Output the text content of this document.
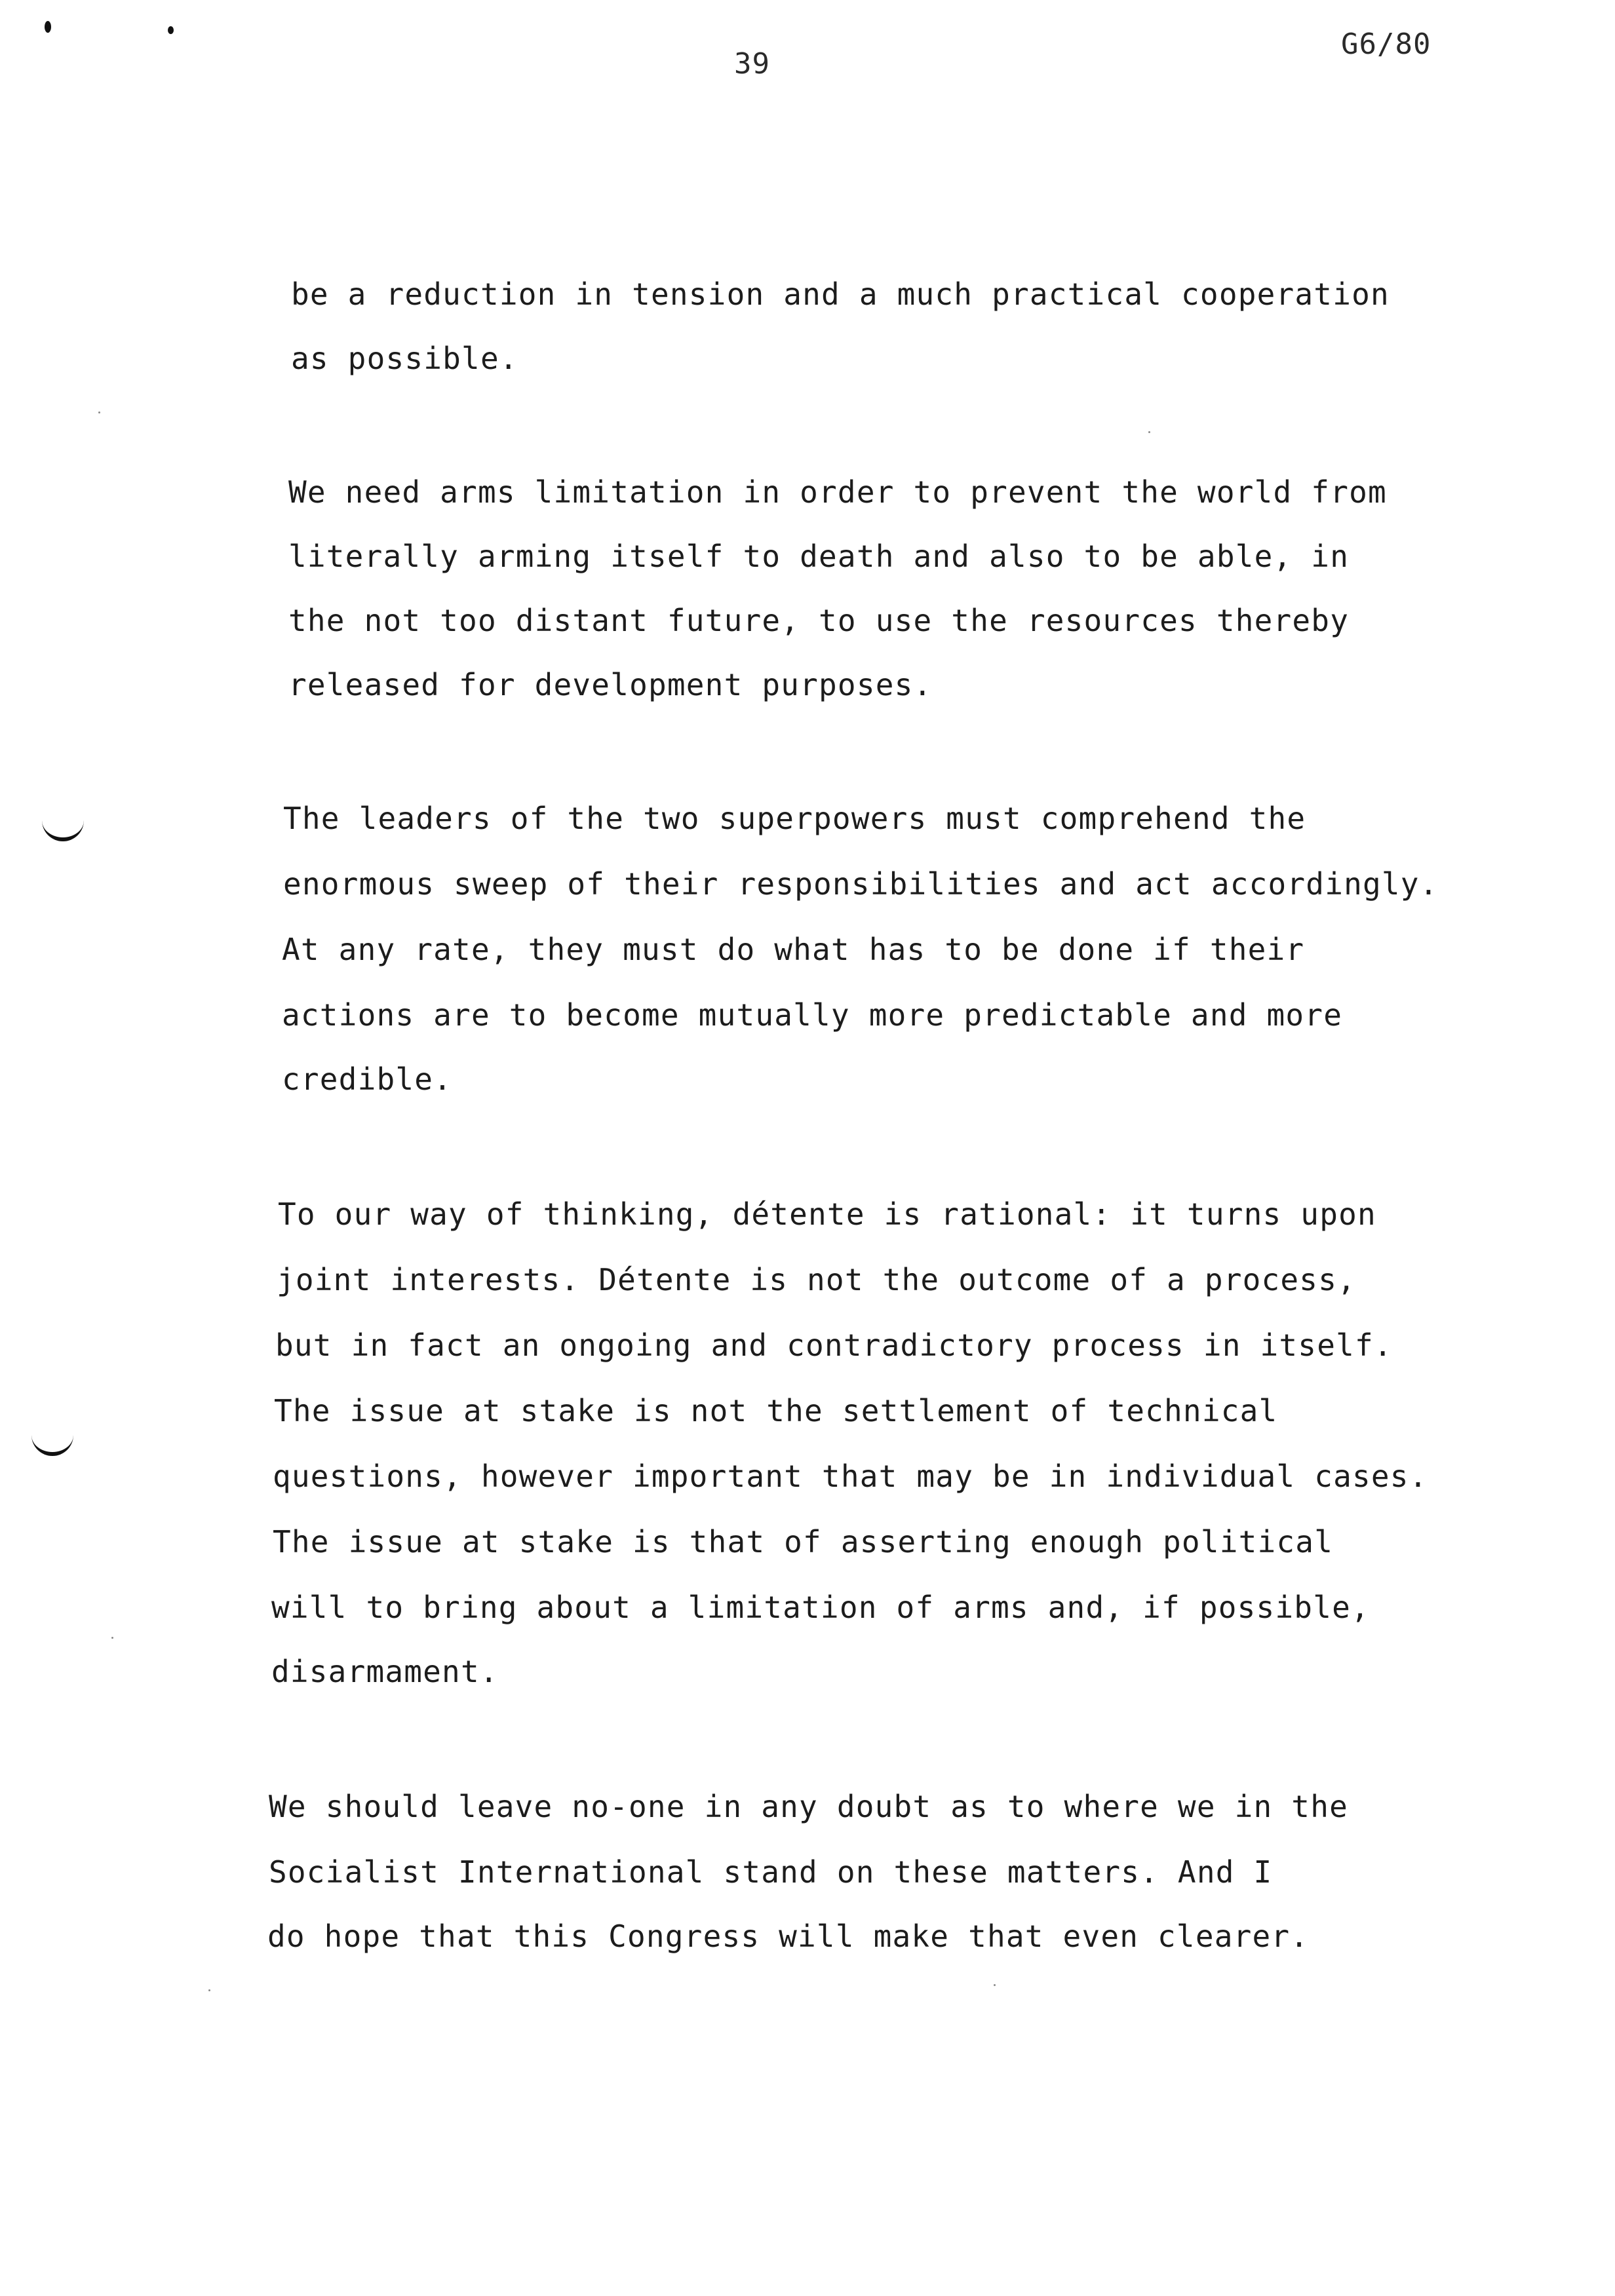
39
G6/80
be a reduction in tension and a much practical cooperation
as possible.
We need arms limitation in order to prevent the world from
literally arming itself to death and also to be able, in
the not too distant future, to use the resources thereby
released for development purposes.
The leaders of the two superpowers must comprehend the
enormous sweep of their responsibilities and act accordingly.
At any rate, they must do what has to be done if their
actions are to become mutually more predictable and more
credible.
To our way of thinking, détente is rational: it turns upon
joint interests. Détente is not the outcome of a process,
but in fact an ongoing and contradictory process in itself.
The issue at stake is not the settlement of technical
questions, however important that may be in individual cases.
The issue at stake is that of asserting enough political
will to bring about a limitation of arms and, if possible,
disarmament.
We should leave no-one in any doubt as to where we in the
Socialist International stand on these matters. And I
do hope that this Congress will make that even clearer.
